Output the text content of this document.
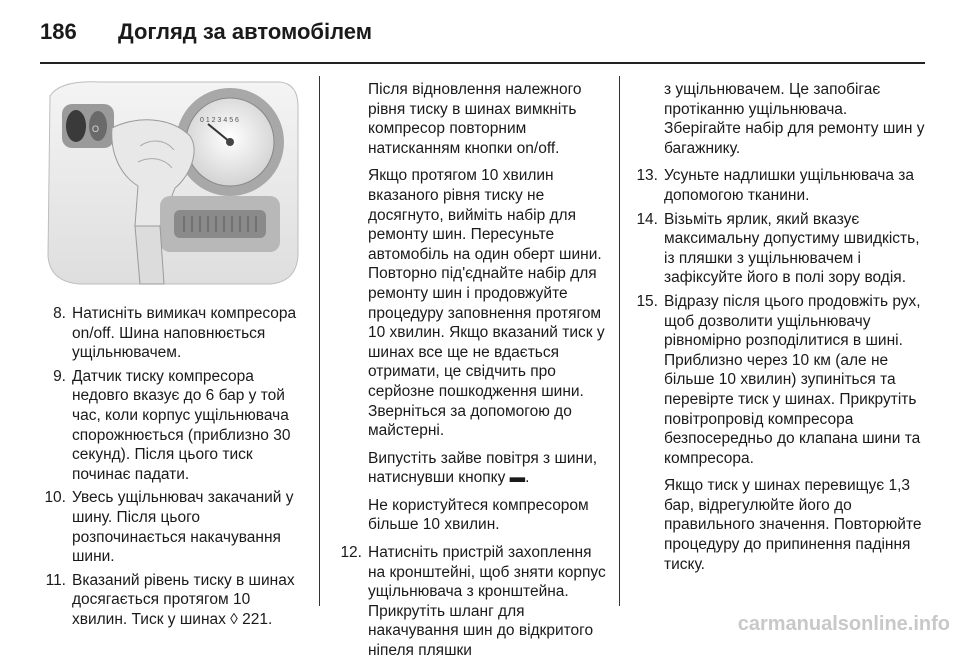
186 Догляд за автомобілем
O
0 1 2 3 4 5 6
8. Натисніть вимикач компресора on/off. Шина наповнюється ущільнювачем.
9. Датчик тиску компресора недовго вказує до 6 бар у той час, коли корпус ущільнювача спорожнюється (приблизно 30 секунд). Після цього тиск починає падати.
10. Увесь ущільнювач закачаний у шину. Після цього розпочинається накачування шини.
11. Вказаний рівень тиску в шинах досягається протягом 10 хвилин. Тиск у шинах ◊ 221.

Після відновлення належного рівня тиску в шинах вимкніть компресор повторним натисканням кнопки on/off.

Якщо протягом 10 хвилин вказаного рівня тиску не досягнуто, вийміть набір для ремонту шин. Пересуньте автомобіль на один оберт шини. Повторно під'єднайте набір для ремонту шин і продовжуйте процедуру заповнення протягом 10 хвилин. Якщо вказаний тиск у шинах все ще не вдається отримати, це свідчить про серйозне пошкодження шини. Зверніться за допомогою до майстерні.

Випустіть зайве повітря з шини, натиснувши кнопку ▬.

Не користуйтеся компресором більше 10 хвилин.

12. Натисніть пристрій захоплення на кронштейні, щоб зняти корпус ущільнювача з кронштейна. Прикрутіть шланг для накачування шин до відкритого ніпеля пляшки

з ущільнювачем. Це запобігає протіканню ущільнювача. Зберігайте набір для ремонту шин у багажнику.

13. Усуньте надлишки ущільнювача за допомогою тканини.
14. Візьміть ярлик, який вказує максимальну допустиму швидкість, із пляшки з ущільнювачем і зафіксуйте його в полі зору водія.
15. Відразу після цього продовжіть рух, щоб дозволити ущільнювачу рівномірно розподілитися в шині. Приблизно через 10 км (але не більше 10 хвилин) зупиніться та перевірте тиск у шинах. Прикрутіть повітропровід компресора безпосередньо до клапана шини та компресора.

Якщо тиск у шинах перевищує 1,3 бар, відрегулюйте його до правильного значення. Повторюйте процедуру до припинення падіння тиску.

carmanualsonline.info
